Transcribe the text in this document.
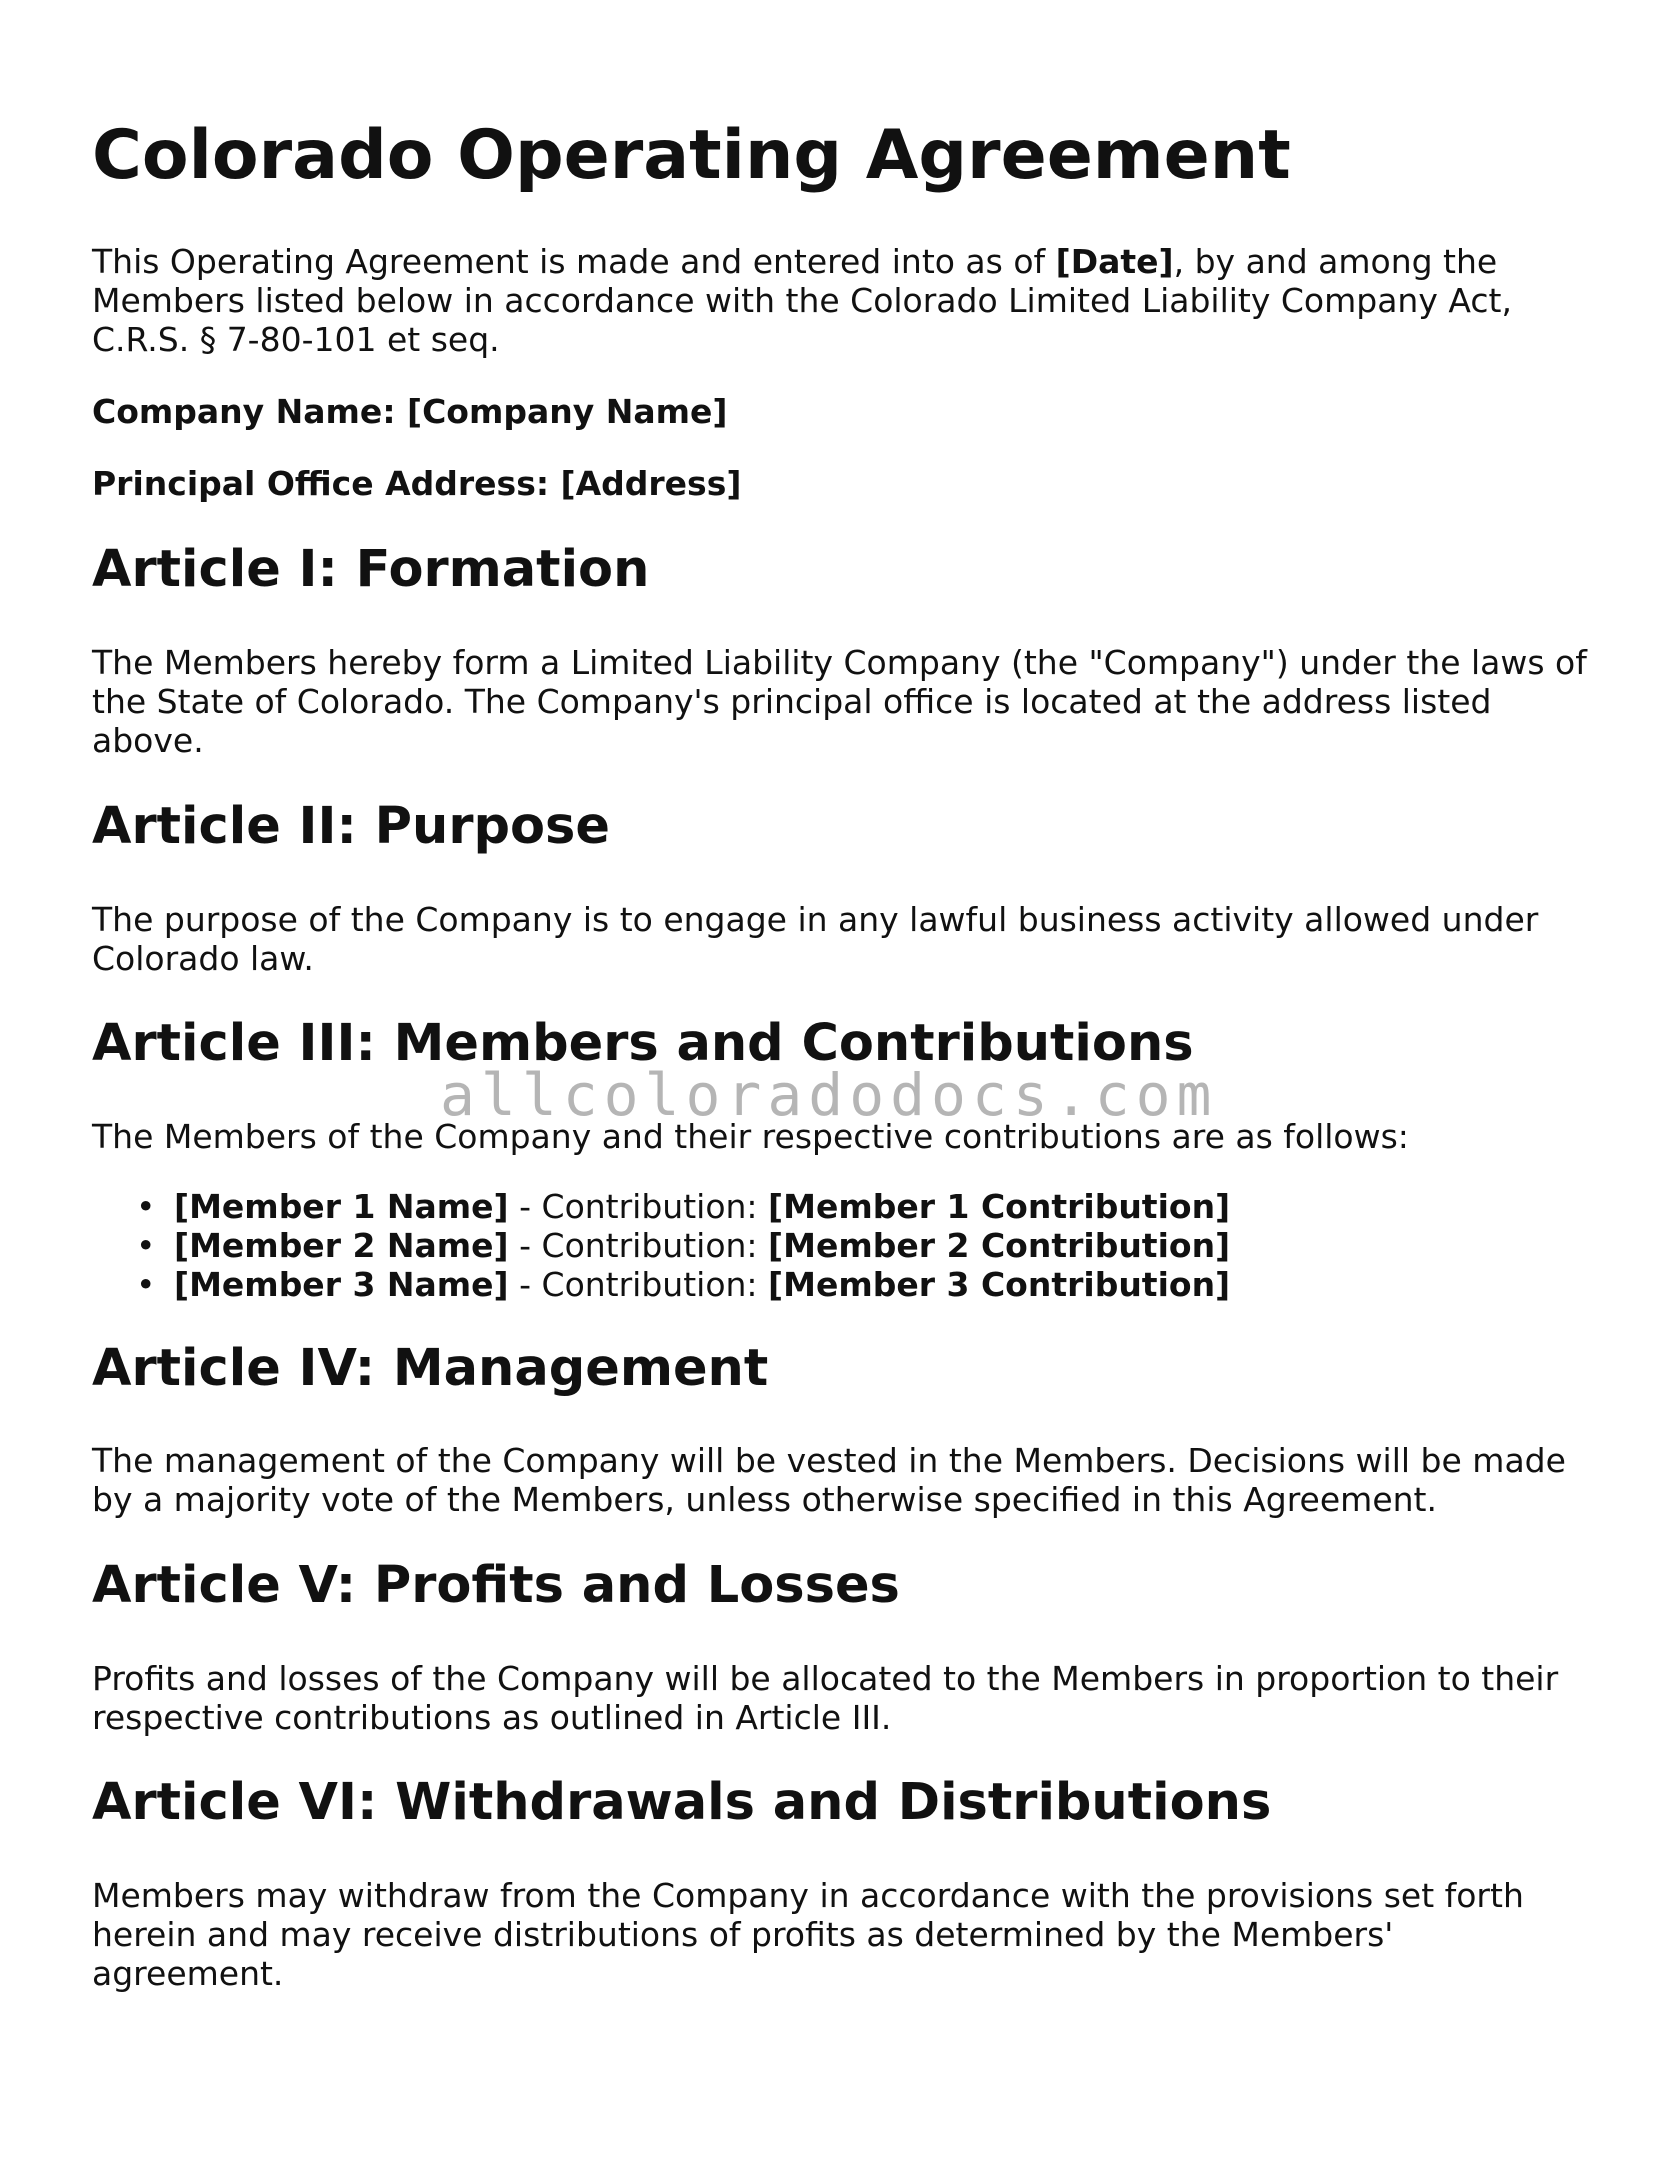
Colorado Operating Agreement

This Operating Agreement is made and entered into as of [Date], by and among the Members listed below in accordance with the Colorado Limited Liability Company Act, C.R.S. § 7-80-101 et seq.

Company Name: [Company Name]

Principal Office Address: [Address]

Article I: Formation

The Members hereby form a Limited Liability Company (the "Company") under the laws of the State of Colorado. The Company's principal office is located at the address listed above.

Article II: Purpose

The purpose of the Company is to engage in any lawful business activity allowed under Colorado law.

Article III: Members and Contributions

The Members of the Company and their respective contributions are as follows:

• [Member 1 Name] - Contribution: [Member 1 Contribution]
• [Member 2 Name] - Contribution: [Member 2 Contribution]
• [Member 3 Name] - Contribution: [Member 3 Contribution]
Article IV: Management

The management of the Company will be vested in the Members. Decisions will be made by a majority vote of the Members, unless otherwise specified in this Agreement.

Article V: Profits and Losses

Profits and losses of the Company will be allocated to the Members in proportion to their respective contributions as outlined in Article III.

Article VI: Withdrawals and Distributions

Members may withdraw from the Company in accordance with the provisions set forth herein and may receive distributions of profits as determined by the Members' agreement.

allcoloradodocs.com
